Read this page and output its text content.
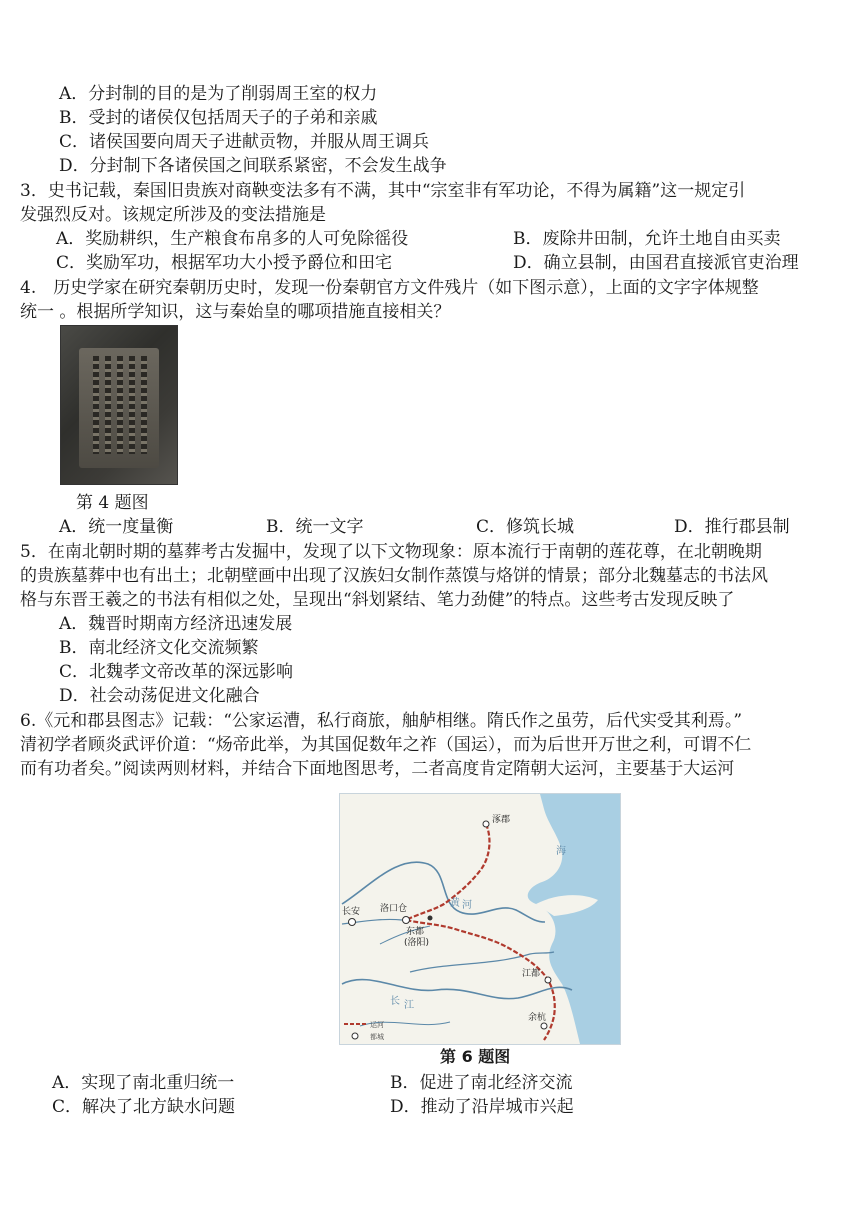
A．分封制的目的是为了削弱周王室的权力
B．受封的诸侯仅包括周天子的子弟和亲戚
C．诸侯国要向周天子进献贡物，并服从周王调兵
D．分封制下各诸侯国之间联系紧密，不会发生战争
3．史书记载，秦国旧贵族对商鞅变法多有不满，其中“宗室非有军功论，不得为属籍”这一规定引
发强烈反对。该规定所涉及的变法措施是
A．奖励耕织，生产粮食布帛多的人可免除徭役	B．废除井田制，允许土地自由买卖
C．奖励军功，根据军功大小授予爵位和田宅	D．确立县制，由国君直接派官吏治理
4.　历史学家在研究秦朝历史时，发现一份秦朝官方文件残片（如下图示意），上面的文字字体规整
统一 。根据所学知识，这与秦始皇的哪项措施直接相关？
第 4 题图
A．统一度量衡	B．统一文字	C．修筑长城	D．推行郡县制
5．在南北朝时期的墓葬考古发掘中，发现了以下文物现象：原本流行于南朝的莲花尊，在北朝晚期
的贵族墓葬中也有出土；北朝壁画中出现了汉族妇女制作蒸馍与烙饼的情景；部分北魏墓志的书法风
格与东晋王羲之的书法有相似之处，呈现出“斜划紧结、笔力劲健”的特点。这些考古发现反映了
A．魏晋时期南方经济迅速发展
B．南北经济文化交流频繁
C．北魏孝文帝改革的深远影响
D．社会动荡促进文化融合
6.《元和郡县图志》记载：“公家运漕，私行商旅，舳舻相继。隋氏作之虽劳，后代实受其利焉。”
清初学者顾炎武评价道：“炀帝此举，为其国促数年之祚（国运），而为后世开万世之利，可谓不仁
而有功者矣。”阅读两则材料，并结合下面地图思考，二者高度肯定隋朝大运河，主要基于大运河
涿郡
长安 洛口仓
东都
(洛阳)
江都
余杭
海
长 江
黄 河
运河
都城
第 6 题图
A．实现了南北重归统一	B．促进了南北经济交流
C．解决了北方缺水问题	D．推动了沿岸城市兴起
